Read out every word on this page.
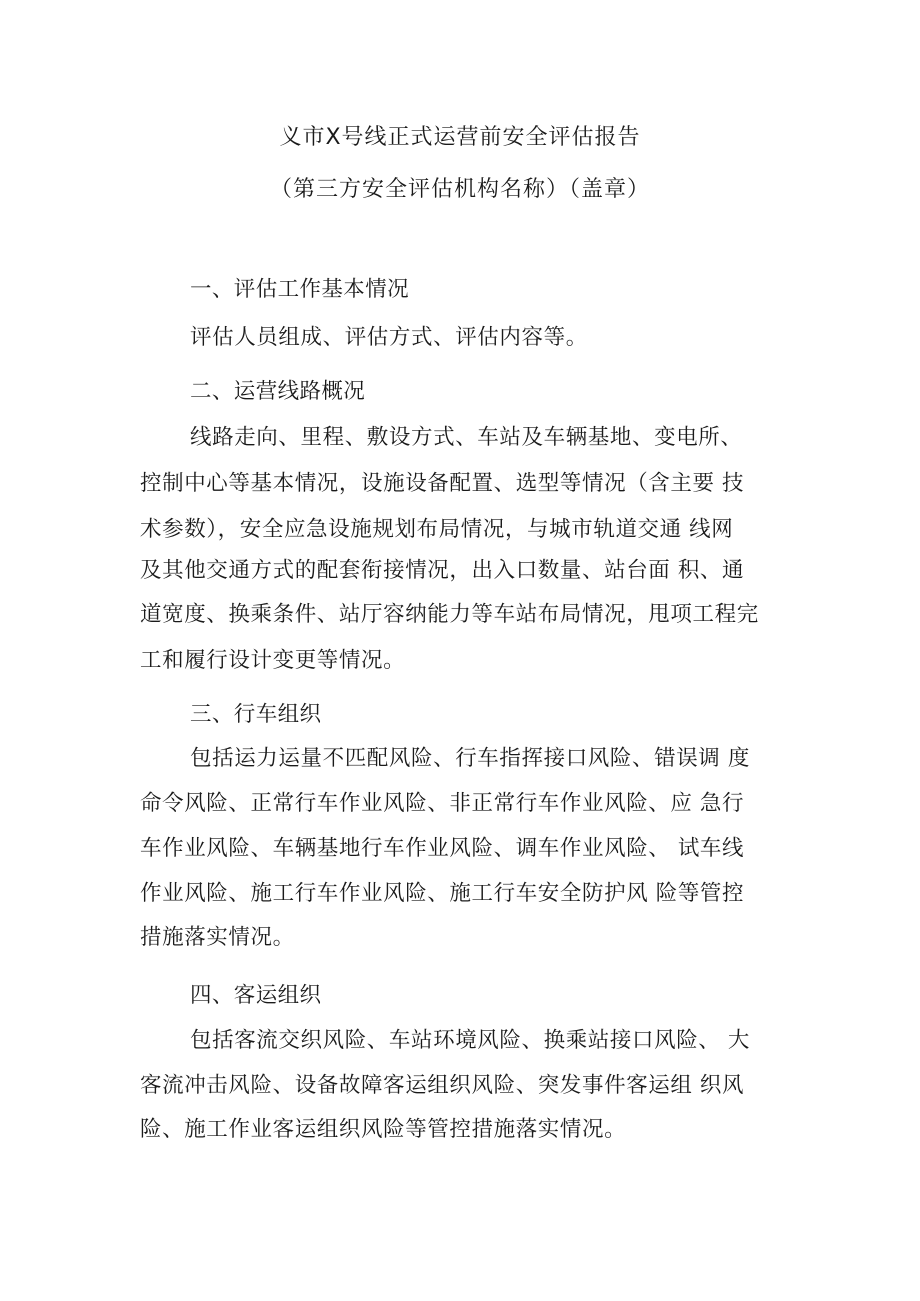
义市X号线正式运营前安全评估报告
（第三方安全评估机构名称）（盖章）
一、评估工作基本情况
评估人员组成、评估方式、评估内容等。
二、运营线路概况
线路走向、里程、敷设方式、车站及车辆基地、变电所、
控制中心等基本情况，设施设备配置、选型等情况（含主要 技
术参数），安全应急设施规划布局情况，与城市轨道交通 线网
及其他交通方式的配套衔接情况，出入口数量、站台面 积、通
道宽度、换乘条件、站厅容纳能力等车站布局情况，甩项工程完
工和履行设计变更等情况。
三、行车组织
包括运力运量不匹配风险、行车指挥接口风险、错误调 度
命令风险、正常行车作业风险、非正常行车作业风险、应 急行
车作业风险、车辆基地行车作业风险、调车作业风险、 试车线
作业风险、施工行车作业风险、施工行车安全防护风 险等管控
措施落实情况。
四、客运组织
包括客流交织风险、车站环境风险、换乘站接口风险、 大
客流冲击风险、设备故障客运组织风险、突发事件客运组 织风
险、施工作业客运组织风险等管控措施落实情况。
